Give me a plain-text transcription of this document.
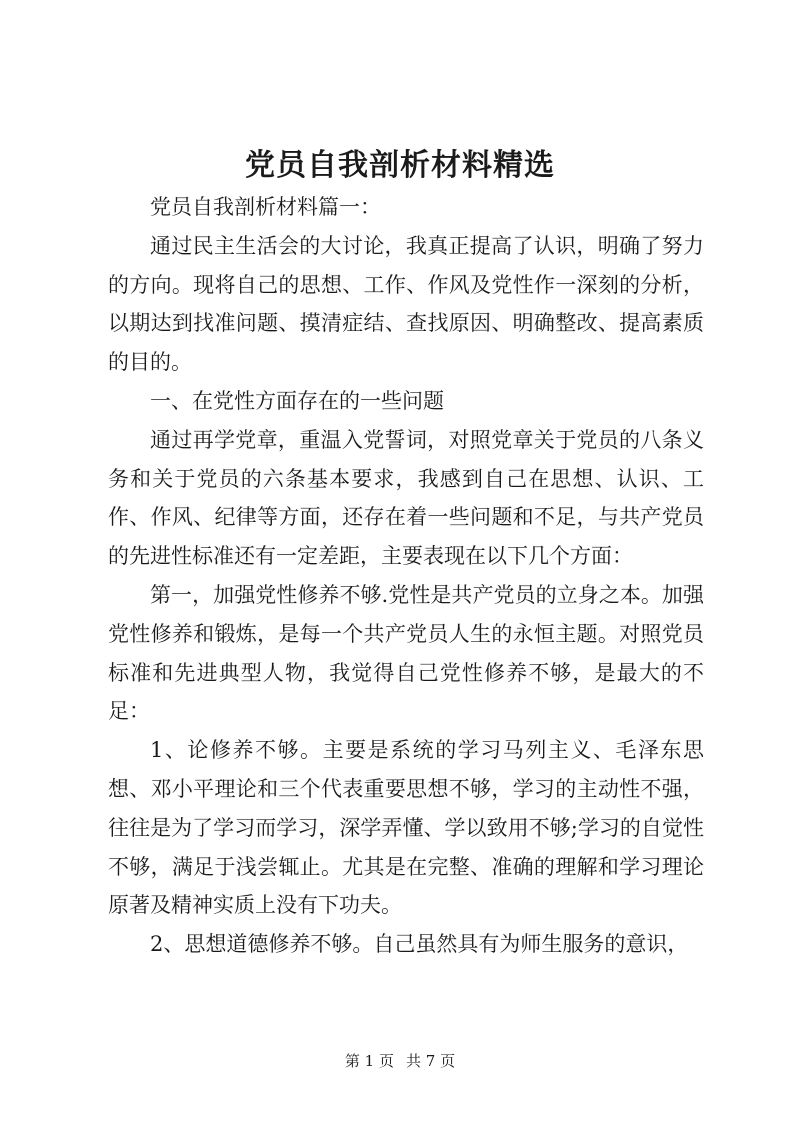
党员自我剖析材料精选

党员自我剖析材料篇一：

通过民主生活会的大讨论，我真正提高了认识，明确了努力的方向。现将自己的思想、工作、作风及党性作一深刻的分析，以期达到找准问题、摸清症结、查找原因、明确整改、提高素质的目的。

一、在党性方面存在的一些问题

通过再学党章，重温入党誓词，对照党章关于党员的八条义务和关于党员的六条基本要求，我感到自己在思想、认识、工作、作风、纪律等方面，还存在着一些问题和不足，与共产党员的先进性标准还有一定差距，主要表现在以下几个方面：

第一，加强党性修养不够.党性是共产党员的立身之本。加强党性修养和锻炼，是每一个共产党员人生的永恒主题。对照党员标准和先进典型人物，我觉得自己党性修养不够，是最大的不足：

1、论修养不够。主要是系统的学习马列主义、毛泽东思想、邓小平理论和三个代表重要思想不够，学习的主动性不强，往往是为了学习而学习，深学弄懂、学以致用不够;学习的自觉性不够，满足于浅尝辄止。尤其是在完整、准确的理解和学习理论原著及精神实质上没有下功夫。

2、思想道德修养不够。自己虽然具有为师生服务的意识，

第 1 页 共 7 页
